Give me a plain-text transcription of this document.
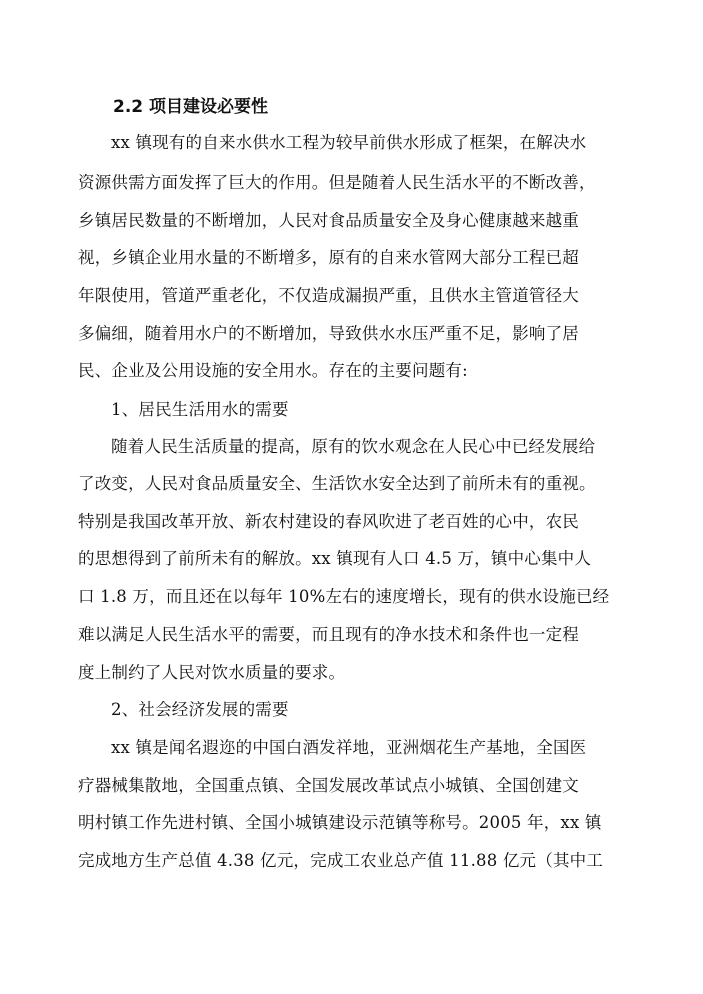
2.2 项目建设必要性
xx 镇现有的自来水供水工程为较早前供水形成了框架，在解决水
资源供需方面发挥了巨大的作用。但是随着人民生活水平的不断改善，
乡镇居民数量的不断增加，人民对食品质量安全及身心健康越来越重
视，乡镇企业用水量的不断增多，原有的自来水管网大部分工程已超
年限使用，管道严重老化，不仅造成漏损严重，且供水主管道管径大
多偏细，随着用水户的不断增加，导致供水水压严重不足，影响了居
民、企业及公用设施的安全用水。存在的主要问题有:
1、居民生活用水的需要
随着人民生活质量的提高，原有的饮水观念在人民心中已经发展给
了改变，人民对食品质量安全、生活饮水安全达到了前所未有的重视。
特别是我国改革开放、新农村建设的春风吹进了老百姓的心中，农民
的思想得到了前所未有的解放。xx 镇现有人口 4.5 万，镇中心集中人
口 1.8 万，而且还在以每年 10%左右的速度增长，现有的供水设施已经
难以满足人民生活水平的需要，而且现有的净水技术和条件也一定程
度上制约了人民对饮水质量的要求。
2、社会经济发展的需要
xx 镇是闻名遐迩的中国白酒发祥地，亚洲烟花生产基地，全国医
疗器械集散地，全国重点镇、全国发展改革试点小城镇、全国创建文
明村镇工作先进村镇、全国小城镇建设示范镇等称号。2005 年，xx 镇
完成地方生产总值 4.38 亿元，完成工农业总产值 11.88 亿元（其中工
